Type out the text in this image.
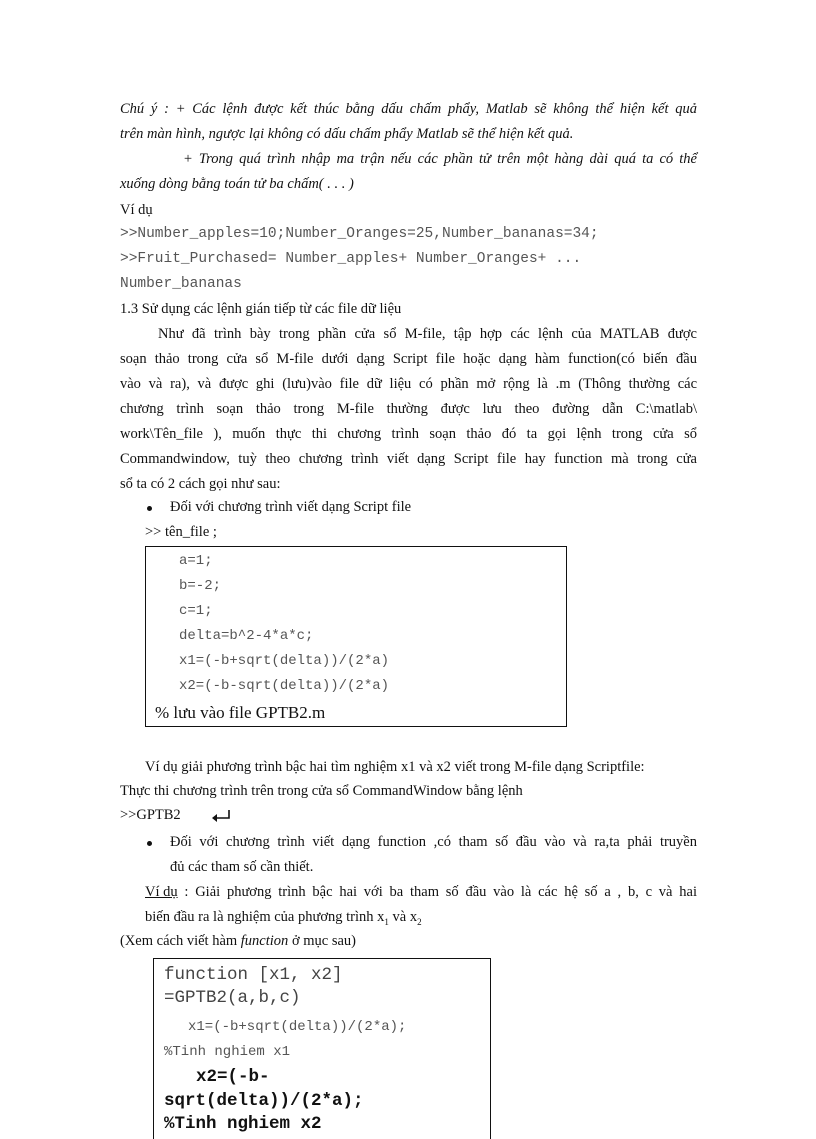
Chú ý : + Các lệnh được kết thúc bằng dấu chấm phẩy, Matlab sẽ không thể hiện kết quả
trên màn hình, ngược lại không có dấu chấm phẩy Matlab sẽ thể hiện kết quả.
+ Trong quá trình nhập ma trận nếu các phần tử trên một hàng dài quá ta có thể
xuống dòng bằng toán tử ba chấm( . . . )
Ví dụ
>>Number_apples=10;Number_Oranges=25,Number_bananas=34;
>>Fruit_Purchased= Number_apples+ Number_Oranges+ ...
Number_bananas
1.3 Sử dụng các lệnh gián tiếp từ các file dữ liệu
Như đã trình bày trong phần cửa sổ M-file, tập hợp các lệnh của MATLAB được
soạn thảo trong cửa sổ M-file dưới dạng Script file hoặc dạng hàm function(có biến đầu
vào và ra), và được ghi (lưu)vào file dữ liệu có phần mở rộng là .m (Thông thường các
chương trình soạn thảo trong M-file thường được lưu theo đường dẫn C:\matlab\
work\Tên_file ), muốn thực thi chương trình soạn thảo đó ta gọi lệnh trong cửa sổ
Commandwindow, tuỳ theo chương trình viết dạng Script file hay function mà trong cửa
sổ ta có 2 cách gọi như sau:
Đối với chương trình viết dạng Script file
>> tên_file ;
a=1;
b=-2;
c=1;
delta=b^2-4*a*c;
x1=(-b+sqrt(delta))/(2*a)
x2=(-b-sqrt(delta))/(2*a)
% lưu vào file GPTB2.m
Ví dụ giải phương trình bậc hai tìm nghiệm x1 và x2 viết trong M-file dạng Scriptfile:
Thực thi chương trình trên trong cửa sổ CommandWindow bằng lệnh
>>GPTB2
Đối với chương trình viết dạng function ,có tham số đầu vào và ra,ta phải truyền
đủ các tham số cần thiết.
Ví dụ : Giải phương trình bậc hai với ba tham số đầu vào là các hệ số a , b, c và hai
biến đầu ra là nghiệm của phương trình $x_1$ và $x_2$
(Xem cách viết hàm function ở mục sau)
function [x1, x2]
=GPTB2(a,b,c)
x1=(-b+sqrt(delta))/(2*a);
%Tinh nghiem x1
x2=(-b-
sqrt(delta))/(2*a);
%Tinh nghiem x2
